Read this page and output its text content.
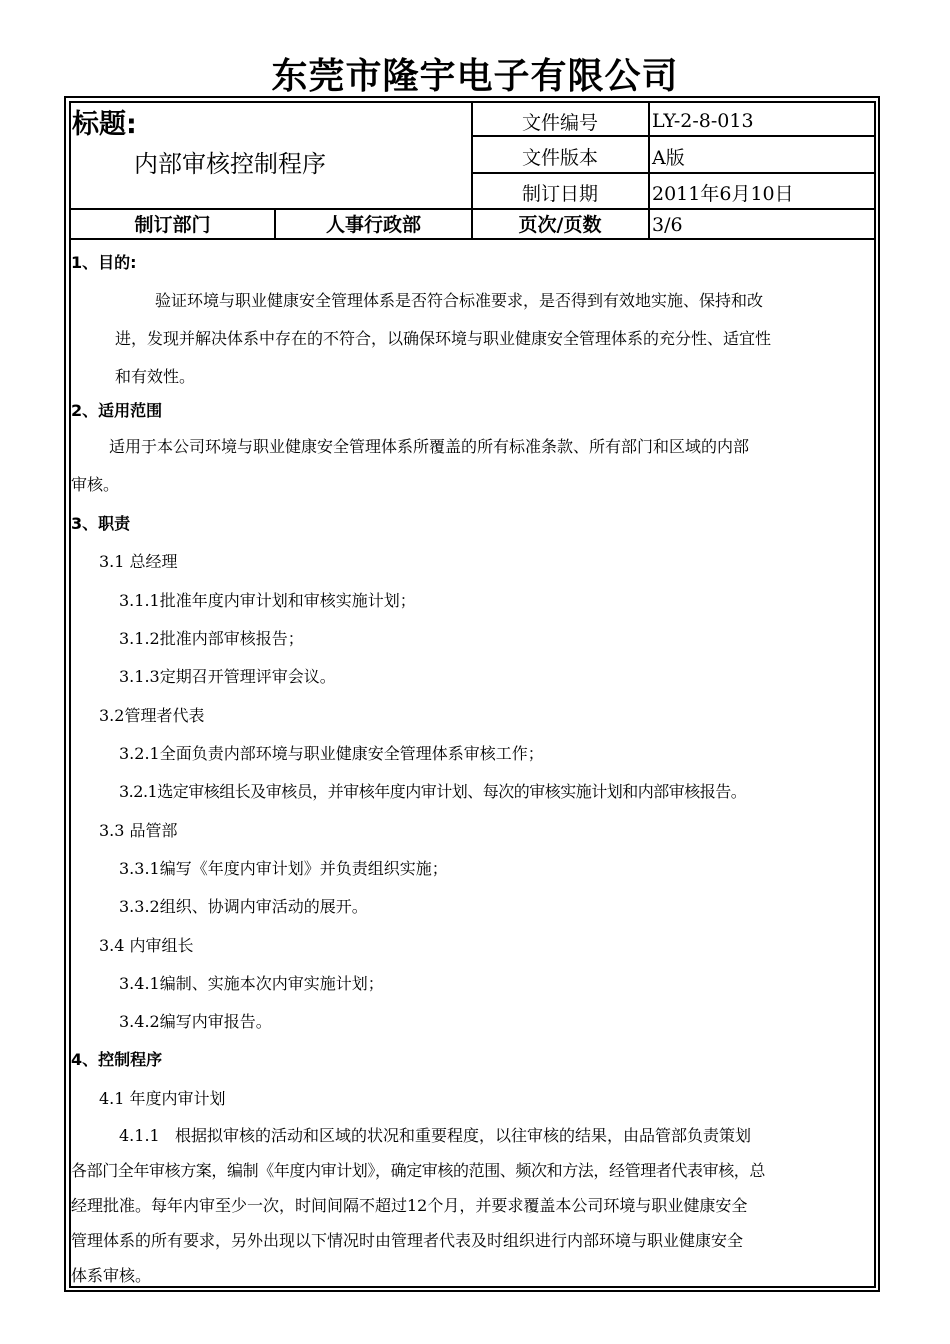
东莞市隆宇电子有限公司
标题:
内部审核控制程序
文件编号	LY-2-8-013
文件版本	A版
制订日期	2011年6月10日
制订部门	人事行政部	页次/页数	3/6
1、目的:
验证环境与职业健康安全管理体系是否符合标准要求，是否得到有效地实施、保持和改
进，发现并解决体系中存在的不符合，以确保环境与职业健康安全管理体系的充分性、适宜性
和有效性。
2、适用范围
适用于本公司环境与职业健康安全管理体系所覆盖的所有标准条款、所有部门和区域的内部
审核。
3、职责
3.1 总经理
3.1.1批准年度内审计划和审核实施计划；
3.1.2批准内部审核报告；
3.1.3定期召开管理评审会议。
3.2管理者代表
3.2.1全面负责内部环境与职业健康安全管理体系审核工作；
3.2.1选定审核组长及审核员，并审核年度内审计划、每次的审核实施计划和内部审核报告。
3.3 品管部
3.3.1编写《年度内审计划》并负责组织实施；
3.3.2组织、协调内审活动的展开。
3.4 内审组长
3.4.1编制、实施本次内审实施计划；
3.4.2编写内审报告。
4、控制程序
4.1 年度内审计划
4.1.1   根据拟审核的活动和区域的状况和重要程度，以往审核的结果，由品管部负责策划
各部门全年审核方案，编制《年度内审计划》，确定审核的范围、频次和方法，经管理者代表审核，总
经理批准。每年内审至少一次，时间间隔不超过12个月，并要求覆盖本公司环境与职业健康安全
管理体系的所有要求，另外出现以下情况时由管理者代表及时组织进行内部环境与职业健康安全
体系审核。
